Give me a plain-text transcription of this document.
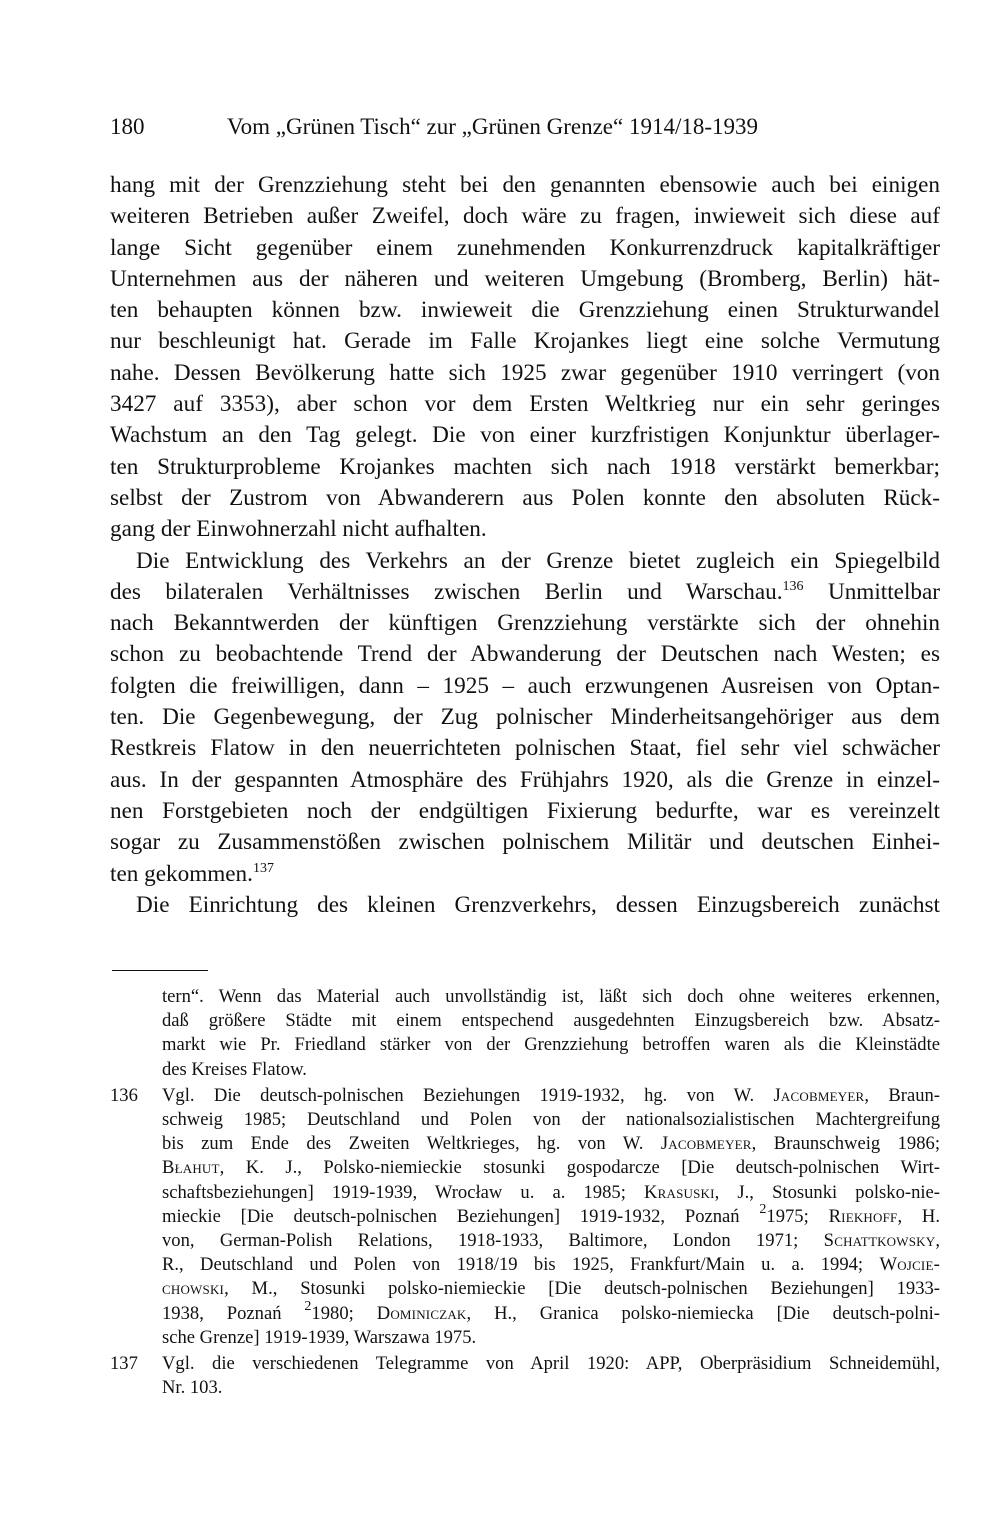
180	Vom „Grünen Tisch“ zur „Grünen Grenze“ 1914/18-1939
hang mit der Grenzziehung steht bei den genannten ebensowie auch bei einigen
weiteren Betrieben außer Zweifel, doch wäre zu fragen, inwieweit sich diese auf
lange Sicht gegenüber einem zunehmenden Konkurrenzdruck kapitalkräftiger
Unternehmen aus der näheren und weiteren Umgebung (Bromberg, Berlin) hät-
ten behaupten können bzw. inwieweit die Grenzziehung einen Strukturwandel
nur beschleunigt hat. Gerade im Falle Krojankes liegt eine solche Vermutung
nahe. Dessen Bevölkerung hatte sich 1925 zwar gegenüber 1910 verringert (von
3427 auf 3353), aber schon vor dem Ersten Weltkrieg nur ein sehr geringes
Wachstum an den Tag gelegt. Die von einer kurzfristigen Konjunktur überlager-
ten Strukturprobleme Krojankes machten sich nach 1918 verstärkt bemerkbar;
selbst der Zustrom von Abwanderern aus Polen konnte den absoluten Rück-
gang der Einwohnerzahl nicht aufhalten.
Die Entwicklung des Verkehrs an der Grenze bietet zugleich ein Spiegelbild
des bilateralen Verhältnisses zwischen Berlin und Warschau.$^{136}$ Unmittelbar
nach Bekanntwerden der künftigen Grenzziehung verstärkte sich der ohnehin
schon zu beobachtende Trend der Abwanderung der Deutschen nach Westen; es
folgten die freiwilligen, dann – 1925 – auch erzwungenen Ausreisen von Optan-
ten. Die Gegenbewegung, der Zug polnischer Minderheitsangehöriger aus dem
Restkreis Flatow in den neuerrichteten polnischen Staat, fiel sehr viel schwächer
aus. In der gespannten Atmosphäre des Frühjahrs 1920, als die Grenze in einzel-
nen Forstgebieten noch der endgültigen Fixierung bedurfte, war es vereinzelt
sogar zu Zusammenstößen zwischen polnischem Militär und deutschen Einhei-
ten gekommen.$^{137}$
Die Einrichtung des kleinen Grenzverkehrs, dessen Einzugsbereich zunächst
tern“. Wenn das Material auch unvollständig ist, läßt sich doch ohne weiteres erkennen,
daß größere Städte mit einem entspechend ausgedehnten Einzugsbereich bzw. Absatz-
markt wie Pr. Friedland stärker von der Grenzziehung betroffen waren als die Kleinstädte
des Kreises Flatow.
136 Vgl. Die deutsch-polnischen Beziehungen 1919-1932, hg. von W. Jacobmeyer, Braun-
schweig 1985; Deutschland und Polen von der nationalsozialistischen Machtergreifung
bis zum Ende des Zweiten Weltkrieges, hg. von W. Jacobmeyer, Braunschweig 1986;
Błahut, K. J., Polsko-niemieckie stosunki gospodarcze [Die deutsch-polnischen Wirt-
schaftsbeziehungen] 1919-1939, Wrocław u. a. 1985; Krasuski, J., Stosunki polsko-nie-
mieckie [Die deutsch-polnischen Beziehungen] 1919-1932, Poznań $^2$1975; Riekhoff, H.
von, German-Polish Relations, 1918-1933, Baltimore, London 1971; Schattkowsky,
R., Deutschland und Polen von 1918/19 bis 1925, Frankfurt/Main u. a. 1994; Wojcie-
chowski, M., Stosunki polsko-niemieckie [Die deutsch-polnischen Beziehungen] 1933-
1938, Poznań $^2$1980; Dominiczak, H., Granica polsko-niemiecka [Die deutsch-polni-
sche Grenze] 1919-1939, Warszawa 1975.
137 Vgl. die verschiedenen Telegramme von April 1920: APP, Oberpräsidium Schneidemühl,
Nr. 103.
